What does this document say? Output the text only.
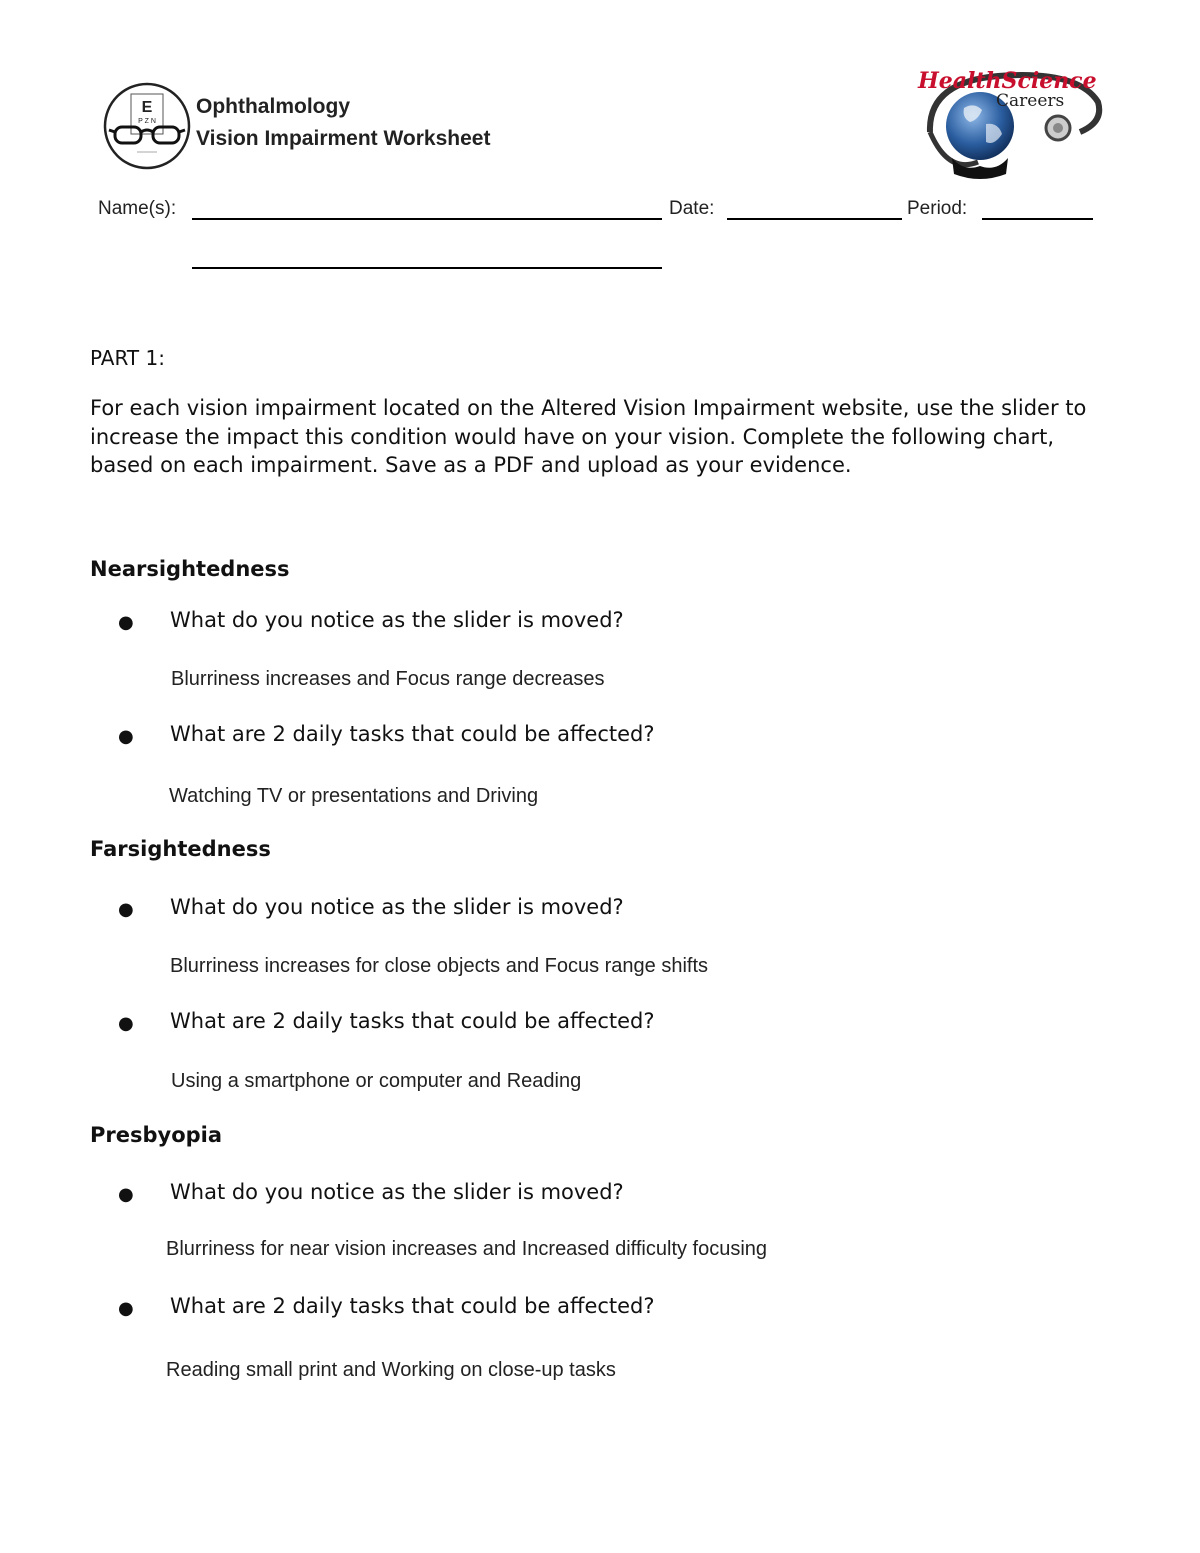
E
P Z N
Ophthalmology
Vision Impairment Worksheet
HealthScience
Careers
Name(s):	Date:	Period:
PART 1:
For each vision impairment located on the Altered Vision Impairment website, use the slider to increase the impact this condition would have on your vision. Complete the following chart, based on each impairment. Save as a PDF and upload as your evidence.
Nearsightedness
● What do you notice as the slider is moved?
Blurriness increases and Focus range decreases
● What are 2 daily tasks that could be affected?
Watching TV or presentations and Driving
Farsightedness
● What do you notice as the slider is moved?
Blurriness increases for close objects and Focus range shifts
● What are 2 daily tasks that could be affected?
Using a smartphone or computer and Reading
Presbyopia
● What do you notice as the slider is moved?
Blurriness for near vision increases and Increased difficulty focusing
● What are 2 daily tasks that could be affected?
Reading small print and Working on close-up tasks
